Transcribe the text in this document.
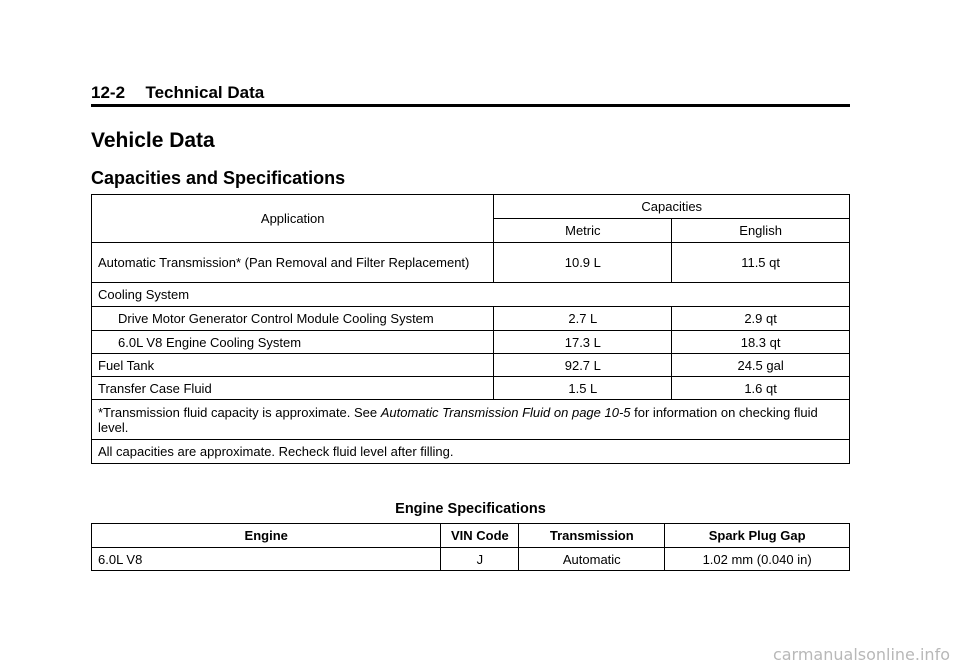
12-2 Technical Data
Vehicle Data
Capacities and Specifications
Application	Capacities	
	Metric	English
Automatic Transmission* (Pan Removal and Filter Replacement)	10.9 L	11.5 qt
Cooling System		
Drive Motor Generator Control Module Cooling System	2.7 L	2.9 qt
6.0L V8 Engine Cooling System	17.3 L	18.3 qt
Fuel Tank	92.7 L	24.5 gal
Transfer Case Fluid	1.5 L	1.6 qt
*Transmission fluid capacity is approximate. See Automatic Transmission Fluid on page 10-5 for information on checking fluid level.		
All capacities are approximate. Recheck fluid level after filling.		
Engine Specifications
Engine	VIN Code	Transmission	Spark Plug Gap
6.0L V8	J	Automatic	1.02 mm (0.040 in)
carmanualsonline.info
